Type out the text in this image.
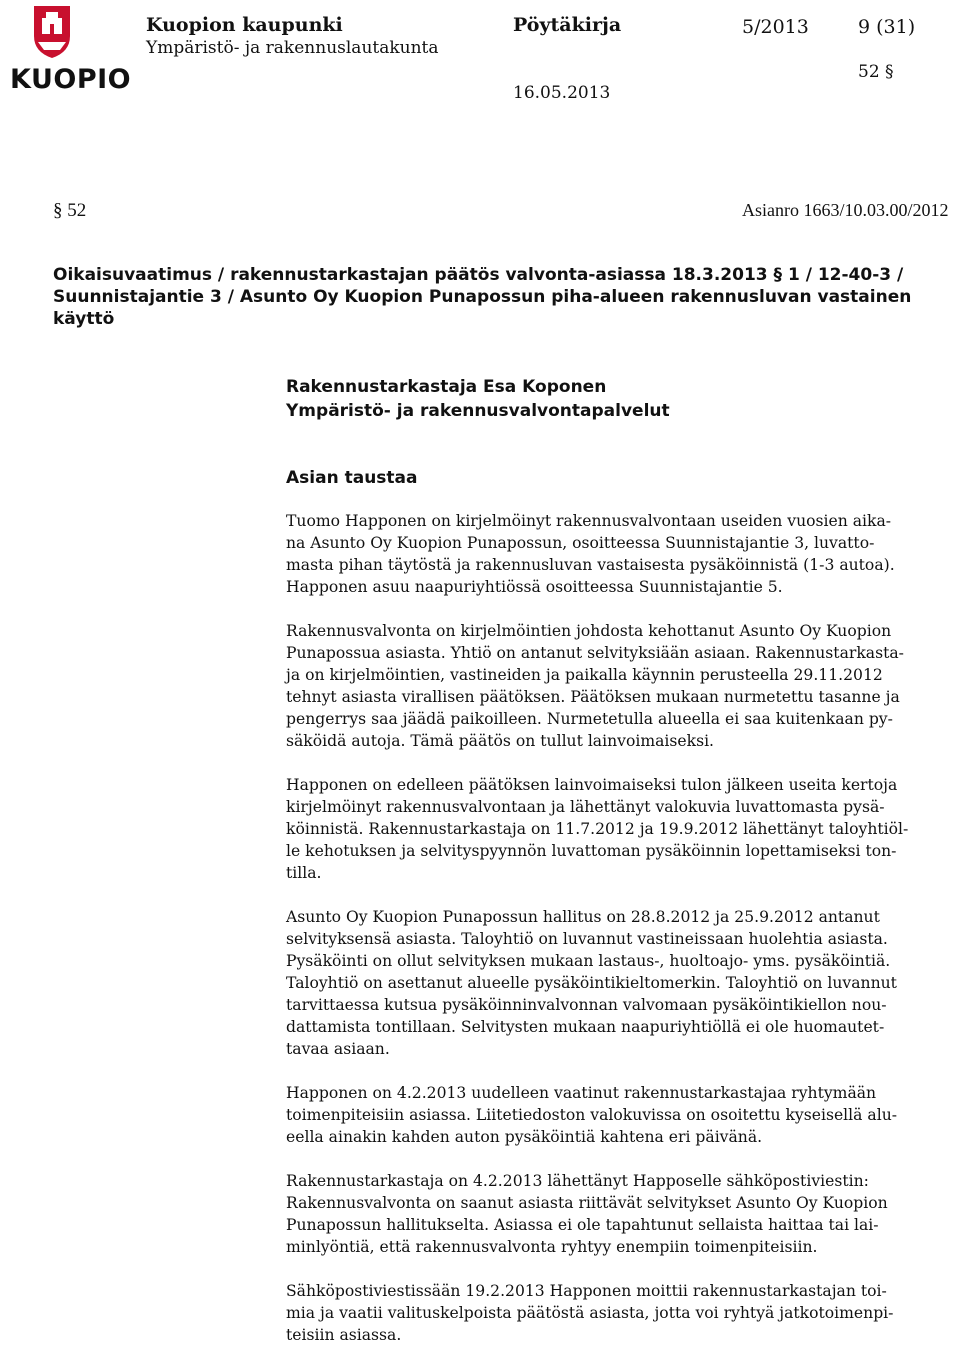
KUOPIO
Kuopion kaupunki
Ympäristö- ja rakennuslautakunta
Pöytäkirja	5/2013	9 (31)
16.05.2013
52 §
§ 52	Asianro 1663/10.03.00/2012
Oikaisuvaatimus / rakennustarkastajan päätös valvonta-asiassa 18.3.2013 § 1 / 12-40-3 / Suunnistajantie 3 / Asunto Oy Kuopion Punapossun piha-alueen rakennusluvan vastainen käyttö
Rakennustarkastaja Esa Koponen
Ympäristö- ja rakennusvalvontapalvelut
Asian taustaa

Tuomo Happonen on kirjelmöinyt rakennusvalvontaan useiden vuosien aika-
na Asunto Oy Kuopion Punapossun, osoitteessa Suunnistajantie 3, luvatto-
masta pihan täytöstä ja rakennusluvan vastaisesta pysäköinnistä (1-3 autoa).
Happonen asuu naapuriyhtiössä osoitteessa Suunnistajantie 5.

Rakennusvalvonta on kirjelmöintien johdosta kehottanut Asunto Oy Kuopion
Punapossua asiasta. Yhtiö on antanut selvityksiään asiaan. Rakennustarkasta-
ja on kirjelmöintien, vastineiden ja paikalla käynnin perusteella 29.11.2012
tehnyt asiasta virallisen päätöksen. Päätöksen mukaan nurmetettu tasanne ja
pengerrys saa jäädä paikoilleen. Nurmetetulla alueella ei saa kuitenkaan py-
säköidä autoja. Tämä päätös on tullut lainvoimaiseksi.

Happonen on edelleen päätöksen lainvoimaiseksi tulon jälkeen useita kertoja
kirjelmöinyt rakennusvalvontaan ja lähettänyt valokuvia luvattomasta pysä-
köinnistä. Rakennustarkastaja on 11.7.2012 ja 19.9.2012 lähettänyt taloyhtiöl-
le kehotuksen ja selvityspyynnön luvattoman pysäköinnin lopettamiseksi ton-
tilla.

Asunto Oy Kuopion Punapossun hallitus on 28.8.2012 ja 25.9.2012 antanut
selvityksensä asiasta. Taloyhtiö on luvannut vastineissaan huolehtia asiasta.
Pysäköinti on ollut selvityksen mukaan lastaus-, huoltoajo- yms. pysäköintiä.
Taloyhtiö on asettanut alueelle pysäköintikieltomerkin. Taloyhtiö on luvannut
tarvittaessa kutsua pysäköinninvalvonnan valvomaan pysäköintikiellon nou-
dattamista tontillaan. Selvitysten mukaan naapuriyhtiöllä ei ole huomautet-
tavaa asiaan.

Happonen on 4.2.2013 uudelleen vaatinut rakennustarkastajaa ryhtymään
toimenpiteisiin asiassa. Liitetiedoston valokuvissa on osoitettu kyseisellä alu-
eella ainakin kahden auton pysäköintiä kahtena eri päivänä.

Rakennustarkastaja on 4.2.2013 lähettänyt Happoselle sähköpostiviestin:
Rakennusvalvonta on saanut asiasta riittävät selvitykset Asunto Oy Kuopion
Punapossun hallitukselta. Asiassa ei ole tapahtunut sellaista haittaa tai lai-
minlyöntiä, että rakennusvalvonta ryhtyy enempiin toimenpiteisiin.

Sähköpostiviestissään 19.2.2013 Happonen moittii rakennustarkastajan toi-
mia ja vaatii valituskelpoista päätöstä asiasta, jotta voi ryhtyä jatkotoimenpi-
teisiin asiassa.
